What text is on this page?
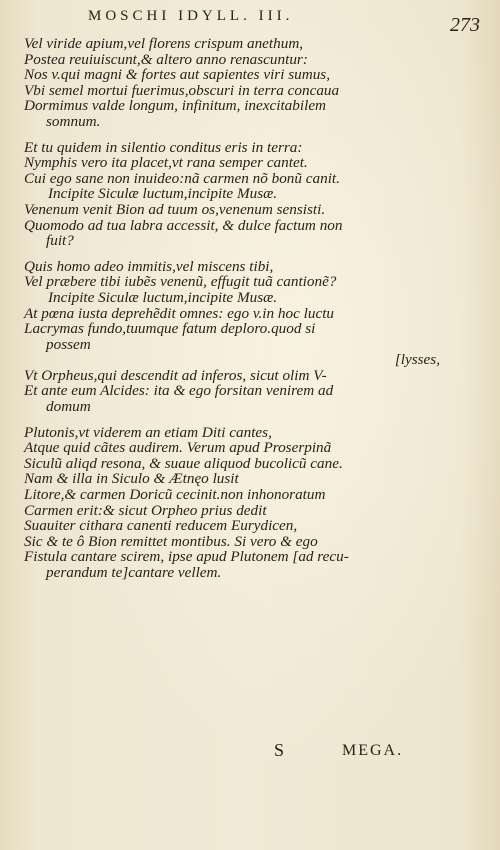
MOSCHI IDYLL. III.	273
Vel viride apium,vel florens crispum anethum,
Postea reuiuiscunt,& altero anno renascuntur:
Nos v.qui magni & fortes aut sapientes viri sumus,
Vbi semel mortui fuerimus,obscuri in terra concaua
Dormimus valde longum, infinitum, inexcitabilem
somnum.
Et tu quidem in silentio conditus eris in terra:
Nymphis vero ita placet,vt rana semper cantet.
Cui ego sane non inuideo:nã carmen nõ bonũ canit.
Incipite Siculæ luctum,incipite Musæ.
Venenum venit Bion ad tuum os,venenum sensisti.
Quomodo ad tua labra accessit, & dulce factum non
fuit?
Quis homo adeo immitis,vel miscens tibi,
Vel præbere tibi iubẽs venenũ, effugit tuã cantionẽ?
Incipite Siculæ luctum,incipite Musæ.
At pœna iusta deprehẽdit omnes: ego v.in hoc luctu
Lacrymas fundo,tuumque fatum deploro.quod si
possem
[lysses,
Vt Orpheus,qui descendit ad inferos, sicut olim V-
Et ante eum Alcides: ita & ego forsitan venirem ad
domum
Plutonis,vt viderem an etiam Diti cantes,
Atque quid cãtes audirem. Verum apud Proserpinã
Siculũ aliqd resona, & suaue aliquod bucolicũ cane.
Nam & illa in Siculo & Ætnęo lusit
Litore,& carmen Doricũ cecinit.non inhonoratum
Carmen erit:& sicut Orpheo prius dedit
Suauiter cithara canenti reducem Eurydicen,
Sic & te ô Bion remittet montibus. Si vero & ego
Fistula cantare scirem, ipse apud Plutonem [ad recu-
perandum te]cantare vellem.
S	MEGA.
